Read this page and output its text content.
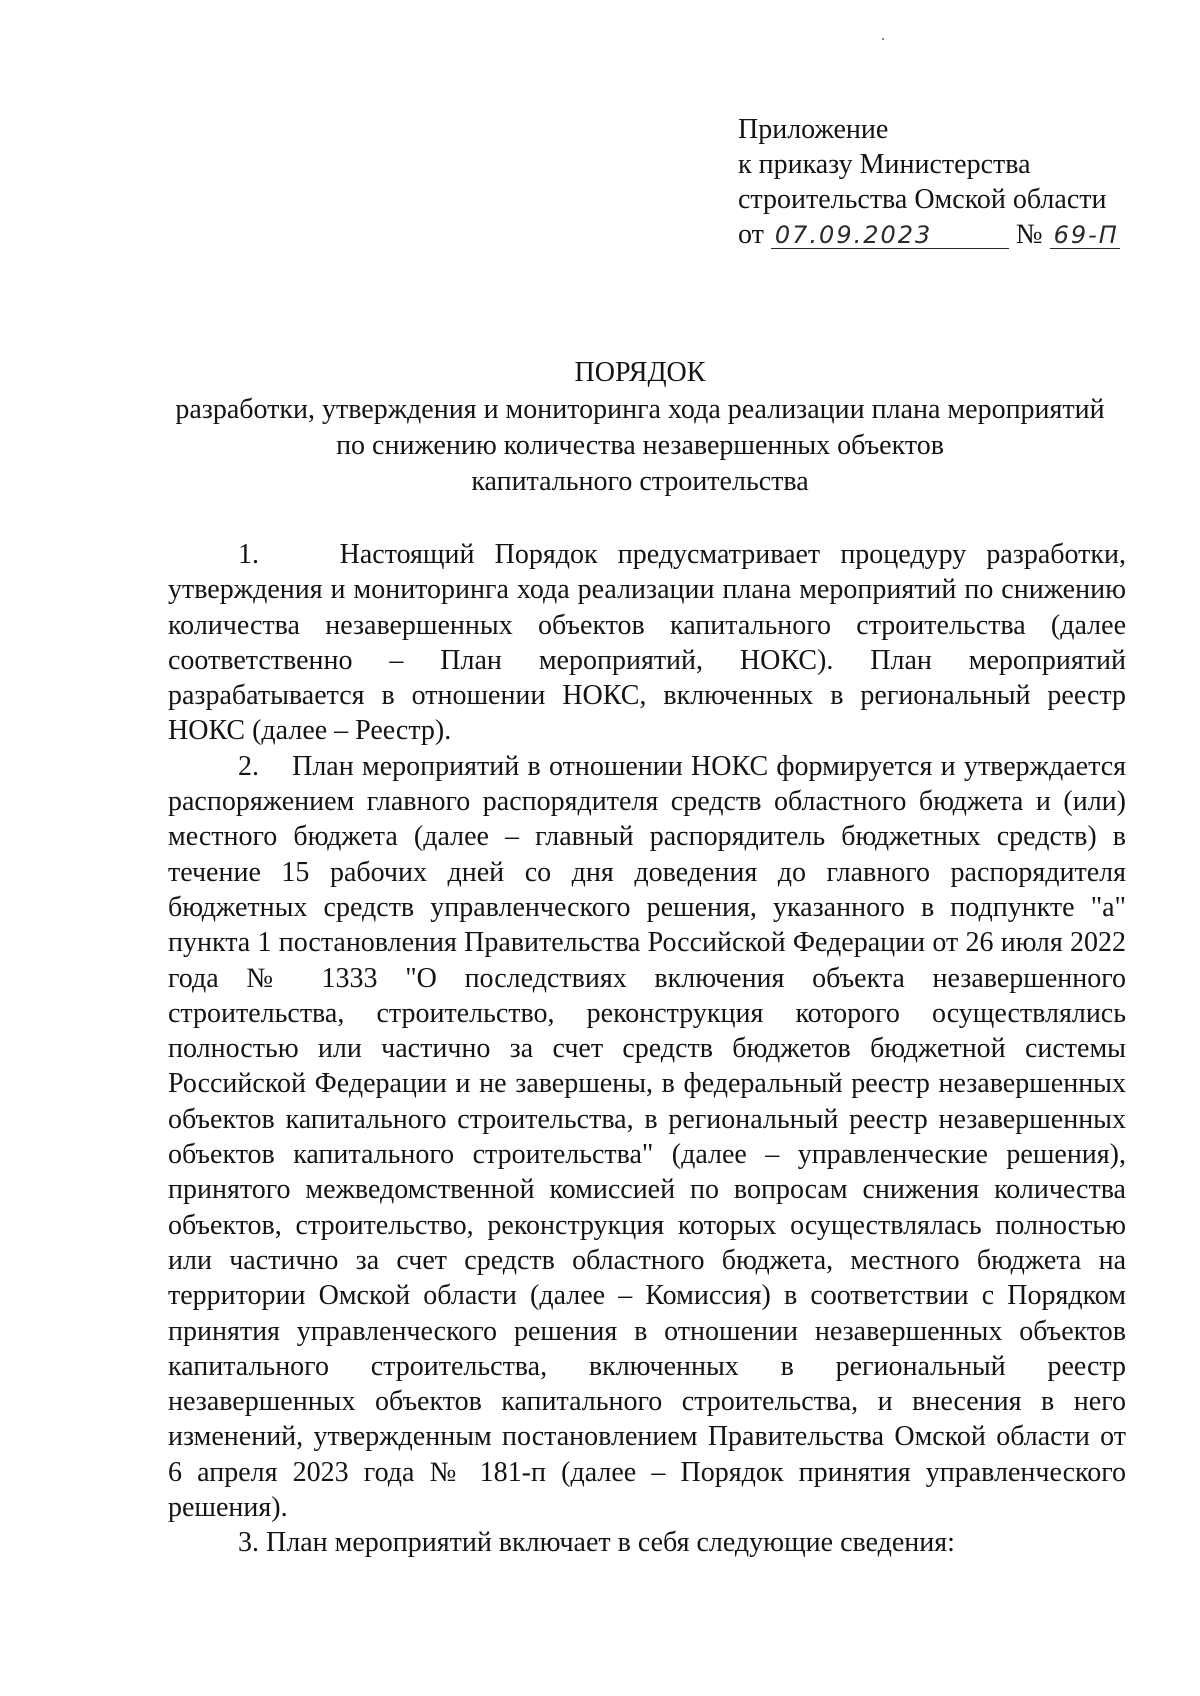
Приложение
к приказу Министерства
строительства Омской области
от 07.09.2023	№ 69-П
ПОРЯДОК
разработки, утверждения и мониторинга хода реализации плана мероприятий
по снижению количества незавершенных объектов
капитального строительства

1.    Настоящий Порядок предусматривает процедуру разработки, утверждения и мониторинга хода реализации плана мероприятий по снижению количества незавершенных объектов капитального строительства (далее соответственно – План мероприятий, НОКС). План мероприятий разрабатывается в отношении НОКС, включенных в региональный реестр НОКС (далее – Реестр).

2.    План мероприятий в отношении НОКС формируется и утверждается распоряжением главного распорядителя средств областного бюджета и (или) местного бюджета (далее – главный распорядитель бюджетных средств) в течение 15 рабочих дней со дня доведения до главного распорядителя бюджетных средств управленческого решения, указанного в подпункте "а" пункта 1 постановления Правительства Российской Федерации от 26 июля 2022 года № 1333 "О последствиях включения объекта незавершенного строительства, строительство, реконструкция которого осуществлялись полностью или частично за счет средств бюджетов бюджетной системы Российской Федерации и не завершены, в федеральный реестр незавершенных объектов капитального строительства, в региональный реестр незавершенных объектов капитального строительства" (далее – управленческие решения), принятого межведомственной комиссией по вопросам снижения количества объектов, строительство, реконструкция которых осуществлялась полностью или частично за счет средств областного бюджета, местного бюджета на территории Омской области (далее – Комиссия) в соответствии с Порядком принятия управленческого решения в отношении незавершенных объектов капитального строительства, включенных в региональный реестр незавершенных объектов капитального строительства, и внесения в него изменений, утвержденным постановлением Правительства Омской области от 6 апреля 2023 года № 181-п (далее – Порядок принятия управленческого решения).

3. План мероприятий включает в себя следующие сведения:
